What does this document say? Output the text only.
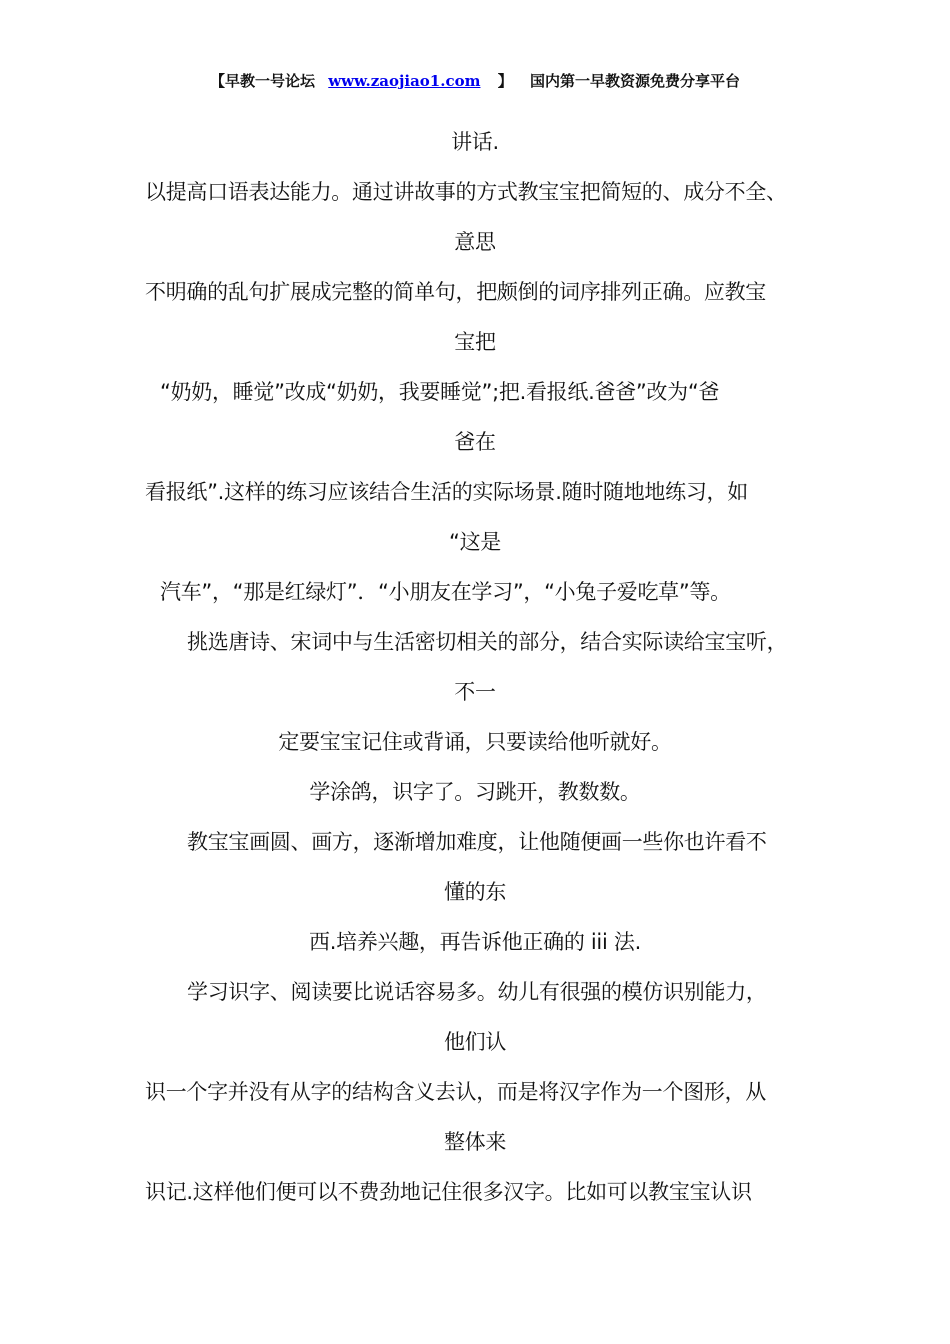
【早教一号论坛 www.zaojiao1.com 】 国内第一早教资源免费分享平台
讲话.
以提高口语表达能力。通过讲故事的方式教宝宝把简短的、成分不全、
意思
不明确的乱句扩展成完整的简单句，把颇倒的词序排列正确。应教宝
宝把
“奶奶，睡觉”改成“奶奶，我要睡觉”;把.看报纸.爸爸”改为“爸
爸在
看报纸”.这样的练习应该结合生活的实际场景.随时随地地练习，如
“这是
汽车”，“那是红绿灯”．“小朋友在学习”，“小兔子爱吃草”等。
挑选唐诗、宋词中与生活密切相关的部分，结合实际读给宝宝听，
不一
定要宝宝记住或背诵，只要读给他听就好。
学涂鸽，识字了。习跳开，教数数。
教宝宝画圆、画方，逐渐增加难度，让他随便画一些你也许看不
懂的东
西.培养兴趣，再告诉他正确的 iii 法.
学习识字、阅读要比说话容易多。幼儿有很强的模仿识别能力，
他们认
识一个字并没有从字的结构含义去认，而是将汉字作为一个图形，从
整体来
识记.这样他们便可以不费劲地记住很多汉字。比如可以教宝宝认识
